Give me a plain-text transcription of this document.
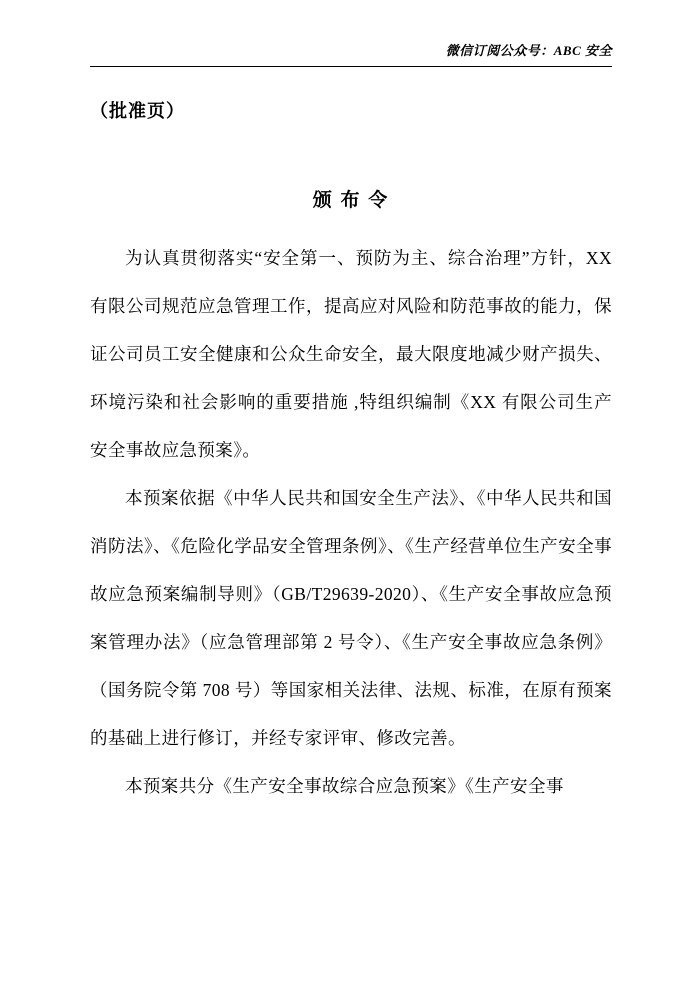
微信订阅公众号：ABC 安全
（批准页）
颁 布 令

为认真贯彻落实“安全第一、预防为主、综合治理”方针，XX 有限公司规范应急管理工作，提高应对风险和防范事故的能力，保证公司员工安全健康和公众生命安全，最大限度地减少财产损失、环境污染和社会影响的重要措施 ,特组织编制《XX 有限公司生产安全事故应急预案》。

本预案依据《中华人民共和国安全生产法》、《中华人民共和国消防法》、《危险化学品安全管理条例》、《生产经营单位生产安全事故应急预案编制导则》（GB/T29639-2020）、《生产安全事故应急预案管理办法》（应急管理部第 2 号令）、《生产安全事故应急条例》（国务院令第 708 号）等国家相关法律、法规、标准，在原有预案的基础上进行修订，并经专家评审、修改完善。

本预案共分《生产安全事故综合应急预案》《生产安全事
